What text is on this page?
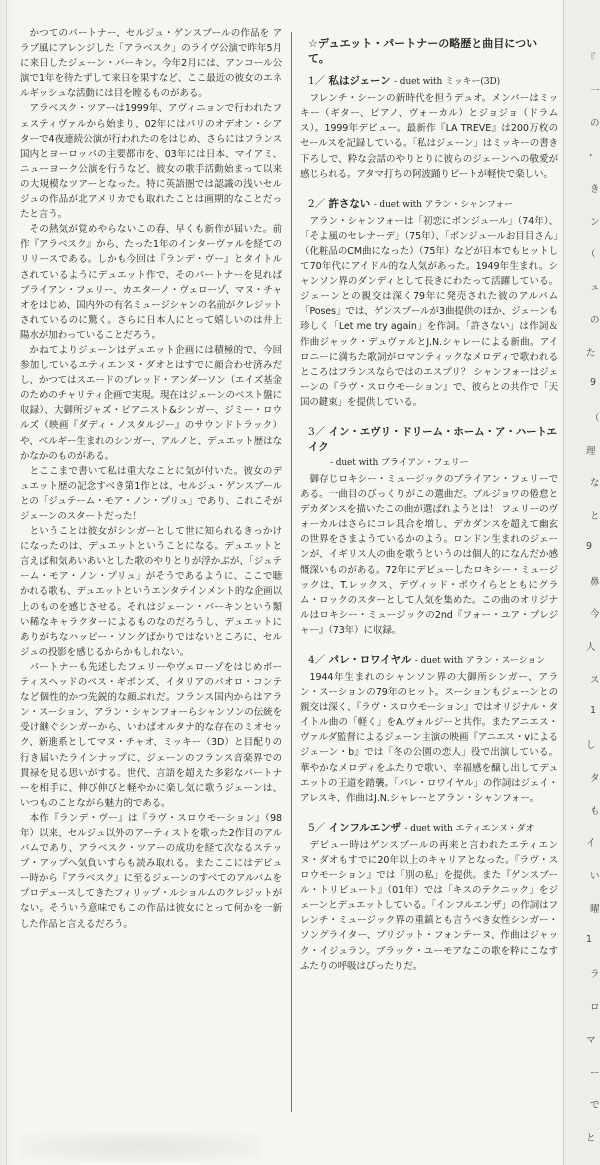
かつてのパートナー、セルジュ・ゲンスブールの作品を アラブ風にアレンジした「アラベスク」のライヴ公演で昨年5月に来日したジェーン・バーキン。今年2月には、アンコール公演で1年を待たずして来日を果すなど、ここ最近の彼女のエネルギッシュな活動には目を瞠るものがある。

アラベスク・ツアーは1999年、アヴィニョンで行われたフェスティヴァルから始まり、02年にはパリのオデオン・シアターで4夜連続公演が行われたのをはじめ、さらにはフランス国内とヨーロッパの主要都市を、03年には日本、マイアミ、ニューヨーク公演を行うなど、彼女の歌手活動始まって以来の大規模なツアーとなった。特に英語圏では認識の浅いセルジュの作品が北アメリカでも取れたことは画期的なことだったと言う。

その熱気が覚めやらないこの春、早くも新作が届いた。前作『アラベスク』から、たった1年のインターヴァルを経てのリリースである。しかも今回は『ランデ・ヴー』とタイトルされているようにデュエット作で、そのパートナーを見ればブライアン・フェリー、カエターノ・ヴェローゾ、マヌ・チャオをはじめ、国内外の有名ミュージシャンの名前がクレジットされているのに驚く。さらに日本人にとって嬉しいのは井上陽水が加わっていることだろう。

かねてよりジェーンはデュエット企画には積極的で、今回参加しているエティエンヌ・ダオとはすでに顔合わせ済みだし、かつてはスエードのブレッド・アンダーソン（エイズ基金のためのチャリティ企画で実現。現在はジェーンのベスト盤に収録）、大御所ジャズ・ピアニスト&シンガー、ジミー・ロウルズ（映画『ダディ・ノスタルジー』のサウンドトラック）や、ベルギー生まれのシンガー、アルノと、デュエット歴はなかなかのものがある。

とここまで書いて私は重大なことに気が付いた。彼女のデュエット歴の記念すべき第1作とは、セルジュ・ゲンスブールとの「ジュテーム・モア・ノン・プリュ」であり、これこそがジェーンのスタートだった！

ということは彼女がシンガーとして世に知られるきっかけになったのは、デュエットということになる。デュエットと言えば和気あいあいとした歌のやりとりが浮かぶが、「ジュテーム・モア・ノン・プリュ」がそうであるように、ここで聴かれる歌も、デュエットというエンタテインメント的な企画以上のものを感じさせる。それはジェーン・バーキンという類い稀なキャラクターによるものなのだろうし、デュエットにありがちなハッピー・ソングばかりではないところに、セルジュの投影を感じるからかもしれない。

パートナーも先述したフェリーやヴェローゾをはじめボーティスヘッドのベス・ギボンズ、イタリアのパオロ・コンテなど個性的かつ先鋭的な顔ぶれだ。フランス国内からはアラン・スーション、アラン・シャンフォーらシャンソンの伝統を受け継ぐシンガーから、いわばオルタナ的な存在のミオセック、新進系としてマヌ・チャオ、ミッキー（3D）と目配りの行き届いたラインナップに、ジェーンのフランス音楽界での貫禄を見る思いがする。世代、言語を超えた多彩なパートナーを相手に、伸び伸びと軽やかに楽し気に歌うジェーンは、いつものことながら魅力的である。

本作『ランデ・ヴー』は『ラヴ・スロウモーション』（98年）以来、セルジュ以外のアーティストを歌った2作目のアルバムであり、アラベスク・ツアーの成功を経て次なるステップ・アップへ気負いすらも読み取れる。またここにはデビュー時から『アラベスク』に至るジェーンのすべてのアルバムをプロデュースしてきたフィリップ・ルショルムのクレジットがない。そういう意味でもこの作品は彼女にとって何かを一新した作品と言えるだろう。

☆デュエット・パートナーの略歴と曲目について。
1／ 私はジェーン - duet with ミッキー(3D)

フレンチ・シーンの新時代を担うデュオ。メンバーはミッキー（ギター、ピアノ、ヴォーカル）とジョジョ（ドラムス）。1999年デビュー。最新作『LA TREVE』は200万枚のセールスを記録している。「私はジェーン」はミッキーの書き下ろしで、粋な会話のやりとりに彼らのジェーンへの敬愛が感じられる。アタマ打ちの阿波踊りビートが軽快で楽しい。

2／ 許さない - duet with アラン・シャンフォー

アラン・シャンフォーは「初恋にボンジュール」（74年）、「そよ風のセレナーデ」（75年）、「ボンジュールお目目さん」（化粧品のCM曲になった）（75年）などが日本でもヒットして70年代にアイドル的な人気があった。1949年生まれ。シャンソン界のダンディとして長きにわたって活躍している。ジェーンとの親交は深く79年に発売された彼のアルバム「Poses」では、ゲンスブールが3曲提供のほか、ジェーンも珍しく「Let me try again」を作詞。「許さない」は作詞＆作曲ジャック・デュヴァルとJ.N.シャレーによる新曲。アイロニーに満ちた歌詞がロマンティックなメロディで歌われるところはフランスならではのエスプリ？ シャンフォーはジェーンの『ラヴ・スロウモーション』で、彼らとの共作で「天国の鍵束」を提供している。

3／ イン・エヴリ・ドリーム・ホーム・ア・ハートエイク
- duet with ブライアン・フェリー

御存じロキシー・ミュージックのブライアン・フェリーである。一曲目のびっくりがこの選曲だ。ブルジョワの倦怠とデカダンスを描いたこの曲が選ばれようとは！ フェリーのヴォーカルはさらにコレ具合を増し、デカダンスを超えて幽玄の世界をさまようているかのよう。ロンドン生まれのジェーンが、イギリス人の曲を歌うというのは個人的になんだか感慨深いものがある。72年にデビューしたロキシー・ミュージックは、T.レックス、デヴィッド・ボウイらとともにグラム・ロックのスターとして人気を集めた。この曲のオリジナルはロキシー・ミュージックの2nd『フォー・ユア・プレジャー』（73年）に収録。

4／ パレ・ロワイヤル - duet with アラン・スーション

1944年生まれのシャンソン界の大御所シンガー、アラン・スーションの79年のヒット。スーションもジェーンとの親交は深く、『ラヴ・スロウモーション』ではオリジナル・タイトル曲の「軽く」をA.ヴォルジーと共作。またアニエス・ヴァルダ監督によるジェーン主演の映画『アニエス・vによるジェーン・b』では「冬の公園の恋人」役で出演している。華やかなメロディをふたりで歌い、幸福感を醸し出してデュエットの王道を踏襲。「パレ・ロワイヤル」の作詞はジェイ・アレスキ、作曲はJ.N.シャレーとアラン・シャンフォー。

5／ インフルエンザ - duet with エティエンヌ・ダオ

デビュー時はゲンスブールの再来と言われたエティエンヌ・ダオもすでに20年以上のキャリアとなった。『ラヴ・スロウモーション』では「別の私」を提供。また『ゲンスブール・トリビュート』（01年）では「キスのテクニック」をジェーンとデュエットしている。「インフルエンザ」の作詞はフレンチ・ミュージック界の重鎮とも言うべき女性シンガー・ソングライター、ブリジット・フォンテーヌ、作曲はジャック・イジュラン。ブラック・ユーモアなこの歌を粋にこなすふたりの呼吸はぴったりだ。

『
一
の
・
き
ン
（
ュ
の
た
9
（
理
な
と
9
鼻
今
人
ス
1
し
タ
も
イ
い
曜
1
ラ
ロ
マ
ー
で
と
